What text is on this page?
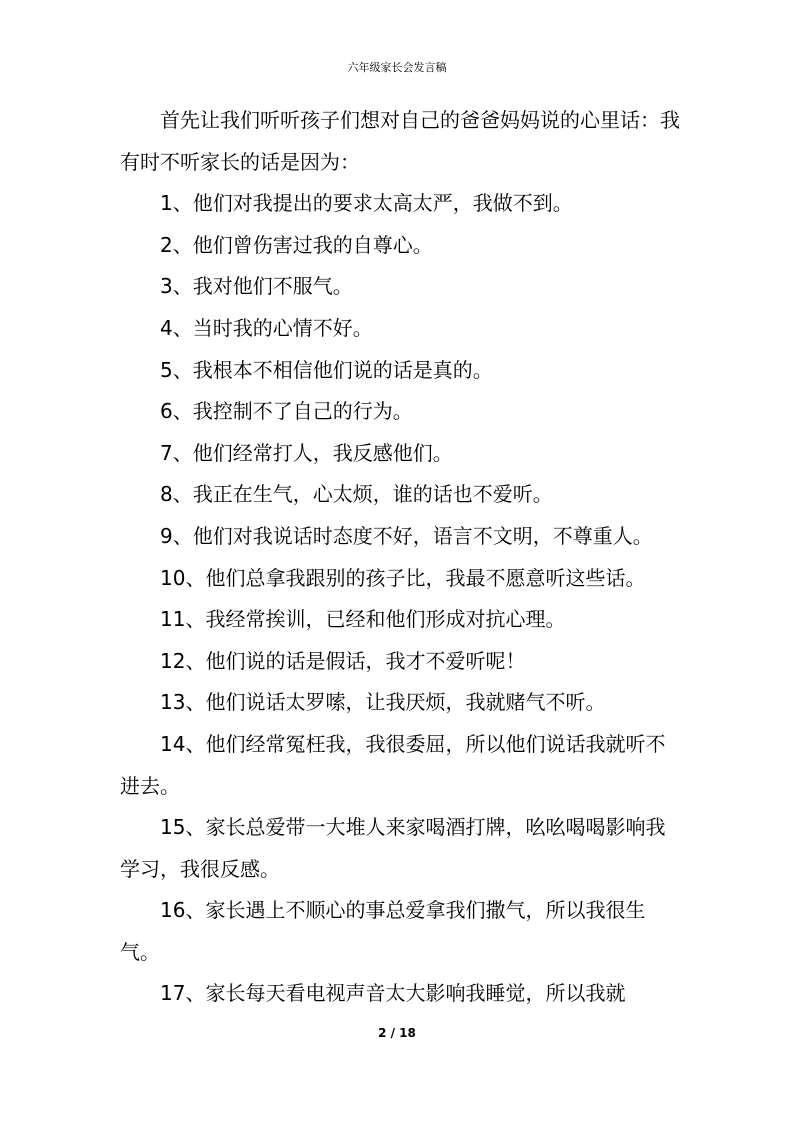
六年级家长会发言稿

首先让我们听听孩子们想对自己的爸爸妈妈说的心里话：我有时不听家长的话是因为：

1、他们对我提出的要求太高太严，我做不到。

2、他们曾伤害过我的自尊心。

3、我对他们不服气。

4、当时我的心情不好。

5、我根本不相信他们说的话是真的。

6、我控制不了自己的行为。

7、他们经常打人，我反感他们。

8、我正在生气，心太烦，谁的话也不爱听。

9、他们对我说话时态度不好，语言不文明，不尊重人。

10、他们总拿我跟别的孩子比，我最不愿意听这些话。

11、我经常挨训，已经和他们形成对抗心理。

12、他们说的话是假话，我才不爱听呢！

13、他们说话太罗嗦，让我厌烦，我就赌气不听。

14、他们经常冤枉我，我很委屈，所以他们说话我就听不进去。

15、家长总爱带一大堆人来家喝酒打牌，吆吆喝喝影响我学习，我很反感。

16、家长遇上不顺心的事总爱拿我们撒气，所以我很生气。

17、家长每天看电视声音太大影响我睡觉，所以我就

2 / 18
